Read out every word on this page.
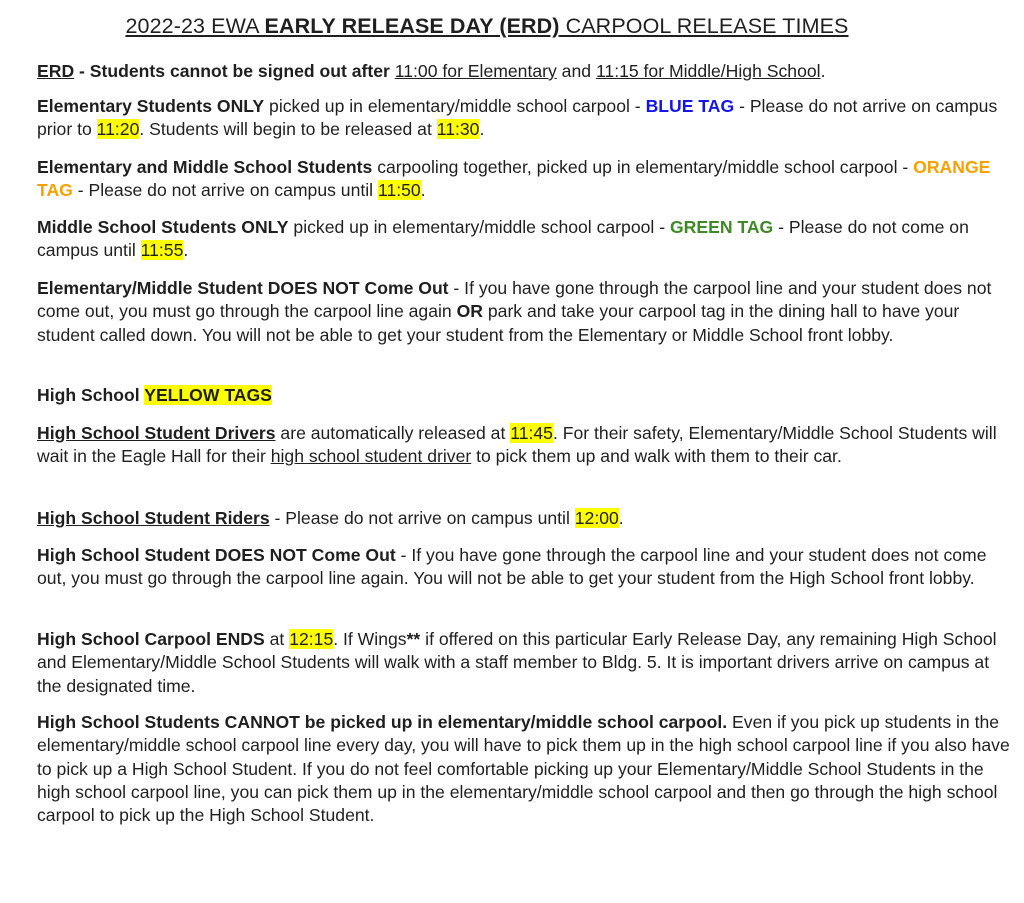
2022-23 EWA EARLY RELEASE DAY (ERD) CARPOOL RELEASE TIMES
ERD - Students cannot be signed out after 11:00 for Elementary and 11:15 for Middle/High School.
Elementary Students ONLY picked up in elementary/middle school carpool - BLUE TAG - Please do not arrive on campus prior to 11:20. Students will begin to be released at 11:30.
Elementary and Middle School Students carpooling together, picked up in elementary/middle school carpool - ORANGE TAG - Please do not arrive on campus until 11:50.
Middle School Students ONLY picked up in elementary/middle school carpool - GREEN TAG - Please do not come on campus until 11:55.
Elementary/Middle Student DOES NOT Come Out - If you have gone through the carpool line and your student does not come out, you must go through the carpool line again OR park and take your carpool tag in the dining hall to have your student called down. You will not be able to get your student from the Elementary or Middle School front lobby.
High School YELLOW TAGS
High School Student Drivers are automatically released at 11:45. For their safety, Elementary/Middle School Students will wait in the Eagle Hall for their high school student driver to pick them up and walk with them to their car.
High School Student Riders - Please do not arrive on campus until 12:00.
High School Student DOES NOT Come Out - If you have gone through the carpool line and your student does not come out, you must go through the carpool line again. You will not be able to get your student from the High School front lobby.
High School Carpool ENDS at 12:15. If Wings** if offered on this particular Early Release Day, any remaining High School and Elementary/Middle School Students will walk with a staff member to Bldg. 5. It is important drivers arrive on campus at the designated time.
High School Students CANNOT be picked up in elementary/middle school carpool. Even if you pick up students in the elementary/middle school carpool line every day, you will have to pick them up in the high school carpool line if you also have to pick up a High School Student. If you do not feel comfortable picking up your Elementary/Middle School Students in the high school carpool line, you can pick them up in the elementary/middle school carpool and then go through the high school carpool to pick up the High School Student.
